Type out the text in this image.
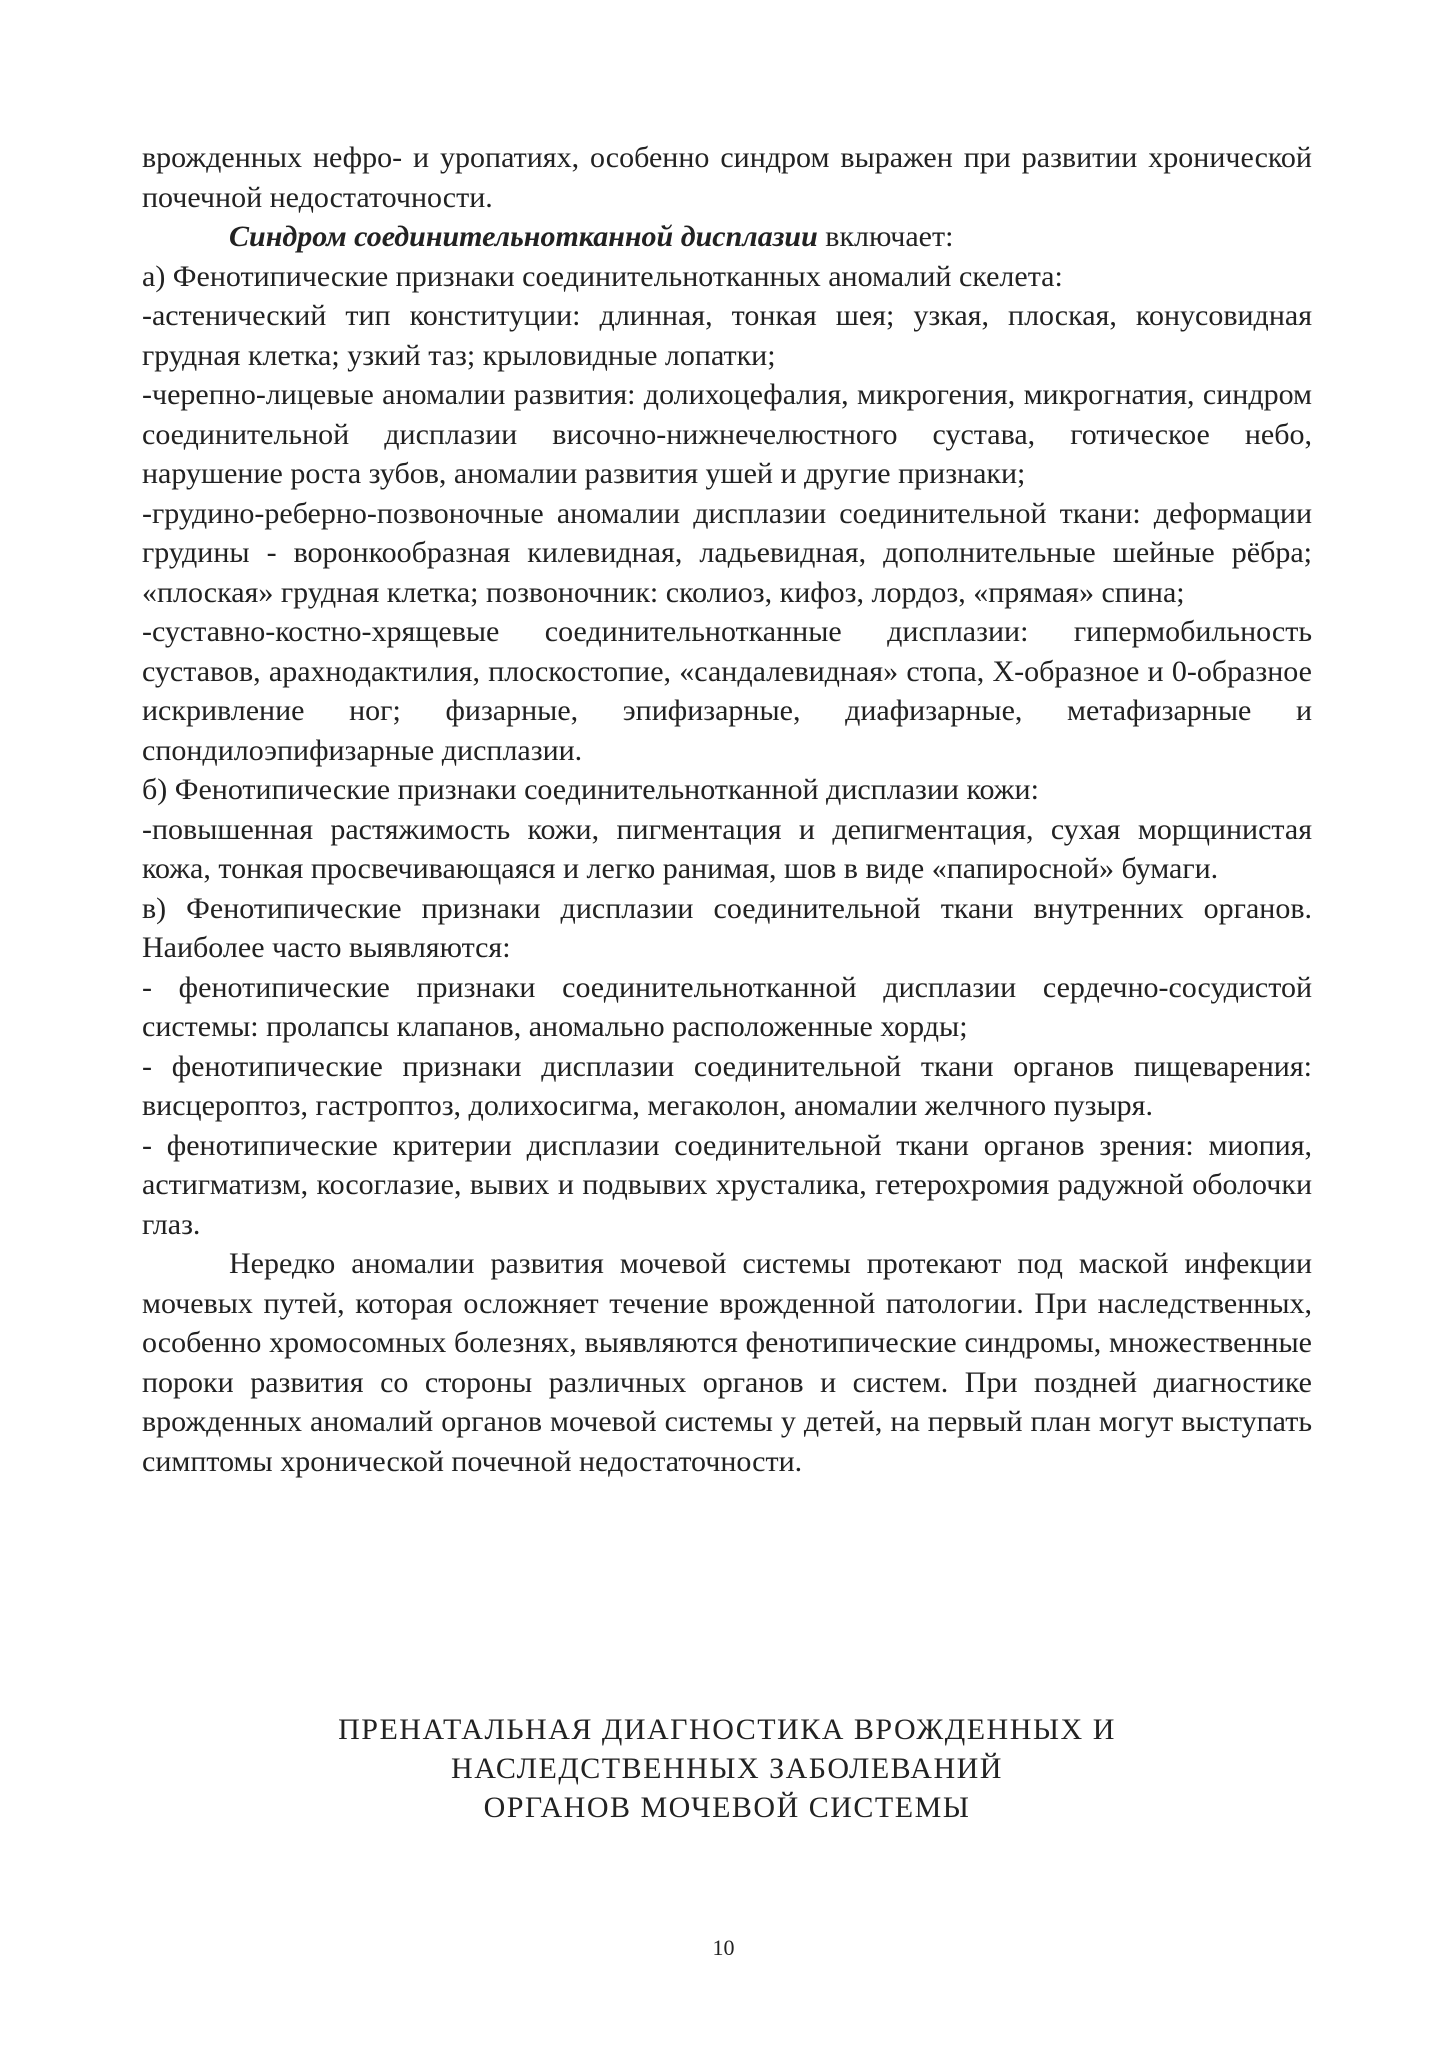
врожденных нефро- и уропатиях, особенно синдром выражен при развитии хронической почечной недостаточности.

Синдром соединительнотканной дисплазии включает:

а) Фенотипические признаки соединительнотканных аномалий скелета:

-астенический тип конституции: длинная, тонкая шея; узкая, плоская, конусовидная грудная клетка; узкий таз; крыловидные лопатки;

-черепно-лицевые аномалии развития: долихоцефалия, микрогения, микрогнатия, синдром соединительной дисплазии височно-нижнечелюстного сустава, готическое небо, нарушение роста зубов, аномалии развития ушей и другие признаки;

-грудино-реберно-позвоночные аномалии дисплазии соединительной ткани: деформации грудины - воронкообразная килевидная, ладьевидная, дополнительные шейные рёбра; «плоская» грудная клетка; позвоночник: сколиоз, кифоз, лордоз, «прямая» спина;

-суставно-костно-хрящевые соединительнотканные дисплазии: гипермобильность суставов, арахнодактилия, плоскостопие, «сандалевидная» стопа, Х-образное и 0-образное искривление ног; физарные, эпифизарные, диафизарные, метафизарные и спондилоэпифизарные дисплазии.

б) Фенотипические признаки соединительнотканной дисплазии кожи:

-повышенная растяжимость кожи, пигментация и депигментация, сухая морщинистая кожа, тонкая просвечивающаяся и легко ранимая, шов в виде «папиросной» бумаги.

в) Фенотипические признаки дисплазии соединительной ткани внутренних органов. Наиболее часто выявляются:

- фенотипические признаки соединительнотканной дисплазии сердечно-сосудистой системы: пролапсы клапанов, аномально расположенные хорды;

- фенотипические признаки дисплазии соединительной ткани органов пищеварения: висцероптоз, гастроптоз, долихосигма, мегаколон, аномалии желчного пузыря.

- фенотипические критерии дисплазии соединительной ткани органов зрения: миопия, астигматизм, косоглазие, вывих и подвывих хрусталика, гетерохромия радужной оболочки глаз.

Нередко аномалии развития мочевой системы протекают под маской инфекции мочевых путей, которая осложняет течение врожденной патологии. При наследственных, особенно хромосомных болезнях, выявляются фенотипические синдромы, множественные пороки развития со стороны различных органов и систем. При поздней диагностике врожденных аномалий органов мочевой системы у детей, на первый план могут выступать симптомы хронической почечной недостаточности.

ПРЕНАТАЛЬНАЯ ДИАГНОСТИКА ВРОЖДЕННЫХ И
НАСЛЕДСТВЕННЫХ ЗАБОЛЕВАНИЙ
ОРГАНОВ МОЧЕВОЙ СИСТЕМЫ
10
